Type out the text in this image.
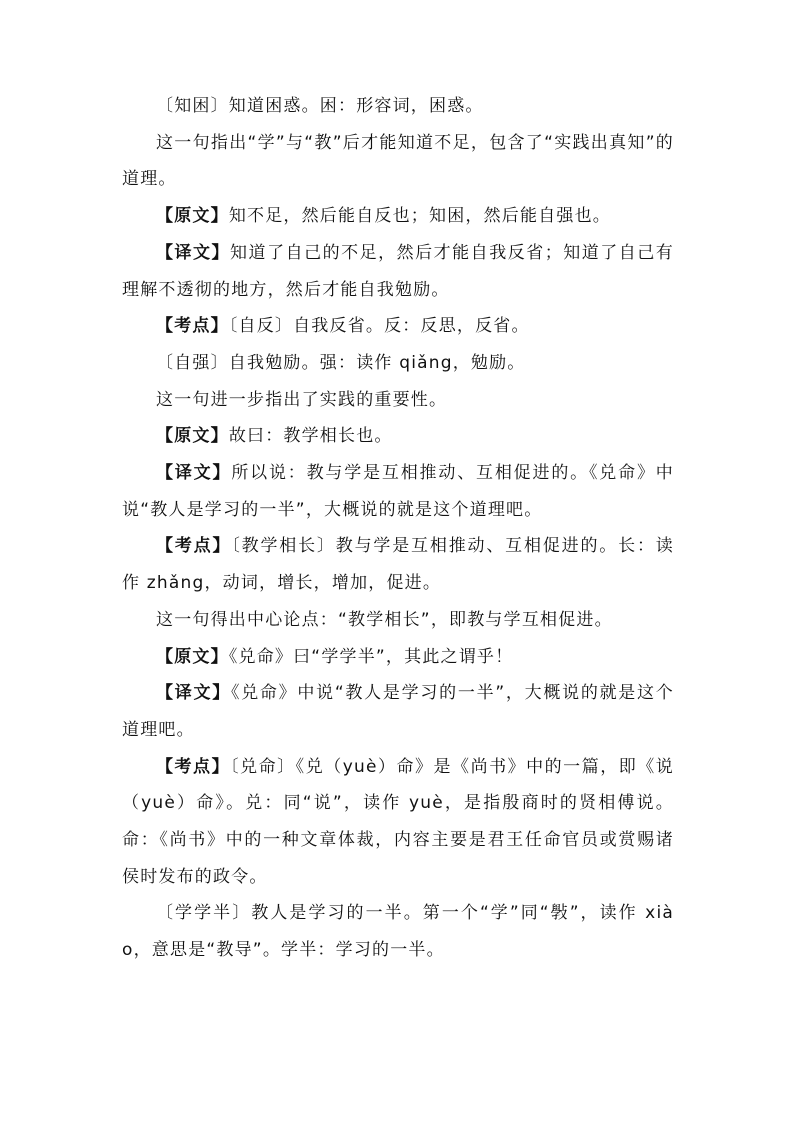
〔知困〕知道困惑。困：形容词，困惑。

这一句指出“学”与“教”后才能知道不足，包含了“实践出真知”的道理。

【原文】知不足，然后能自反也；知困，然后能自强也。

【译文】知道了自己的不足，然后才能自我反省；知道了自己有理解不透彻的地方，然后才能自我勉励。

【考点】〔自反〕自我反省。反：反思，反省。

〔自强〕自我勉励。强：读作 qiǎng，勉励。

这一句进一步指出了实践的重要性。

【原文】故曰：教学相长也。

【译文】所以说：教与学是互相推动、互相促进的。《兑命》中说“教人是学习的一半”，大概说的就是这个道理吧。

【考点】〔教学相长〕教与学是互相推动、互相促进的。长：读作 zhǎng，动词，增长，增加，促进。

这一句得出中心论点：“教学相长”，即教与学互相促进。

【原文】《兑命》曰“学学半”，其此之谓乎！

【译文】《兑命》中说“教人是学习的一半”，大概说的就是这个道理吧。

【考点】〔兑命〕《兑（yuè）命》是《尚书》中的一篇，即《说（yuè）命》。兑：同“说”，读作 yuè，是指殷商时的贤相傅说。命：《尚书》中的一种文章体裁，内容主要是君王任命官员或赏赐诸侯时发布的政令。

〔学学半〕教人是学习的一半。第一个“学”同“斅”，读作 xiào，意思是“教导”。学半：学习的一半。
